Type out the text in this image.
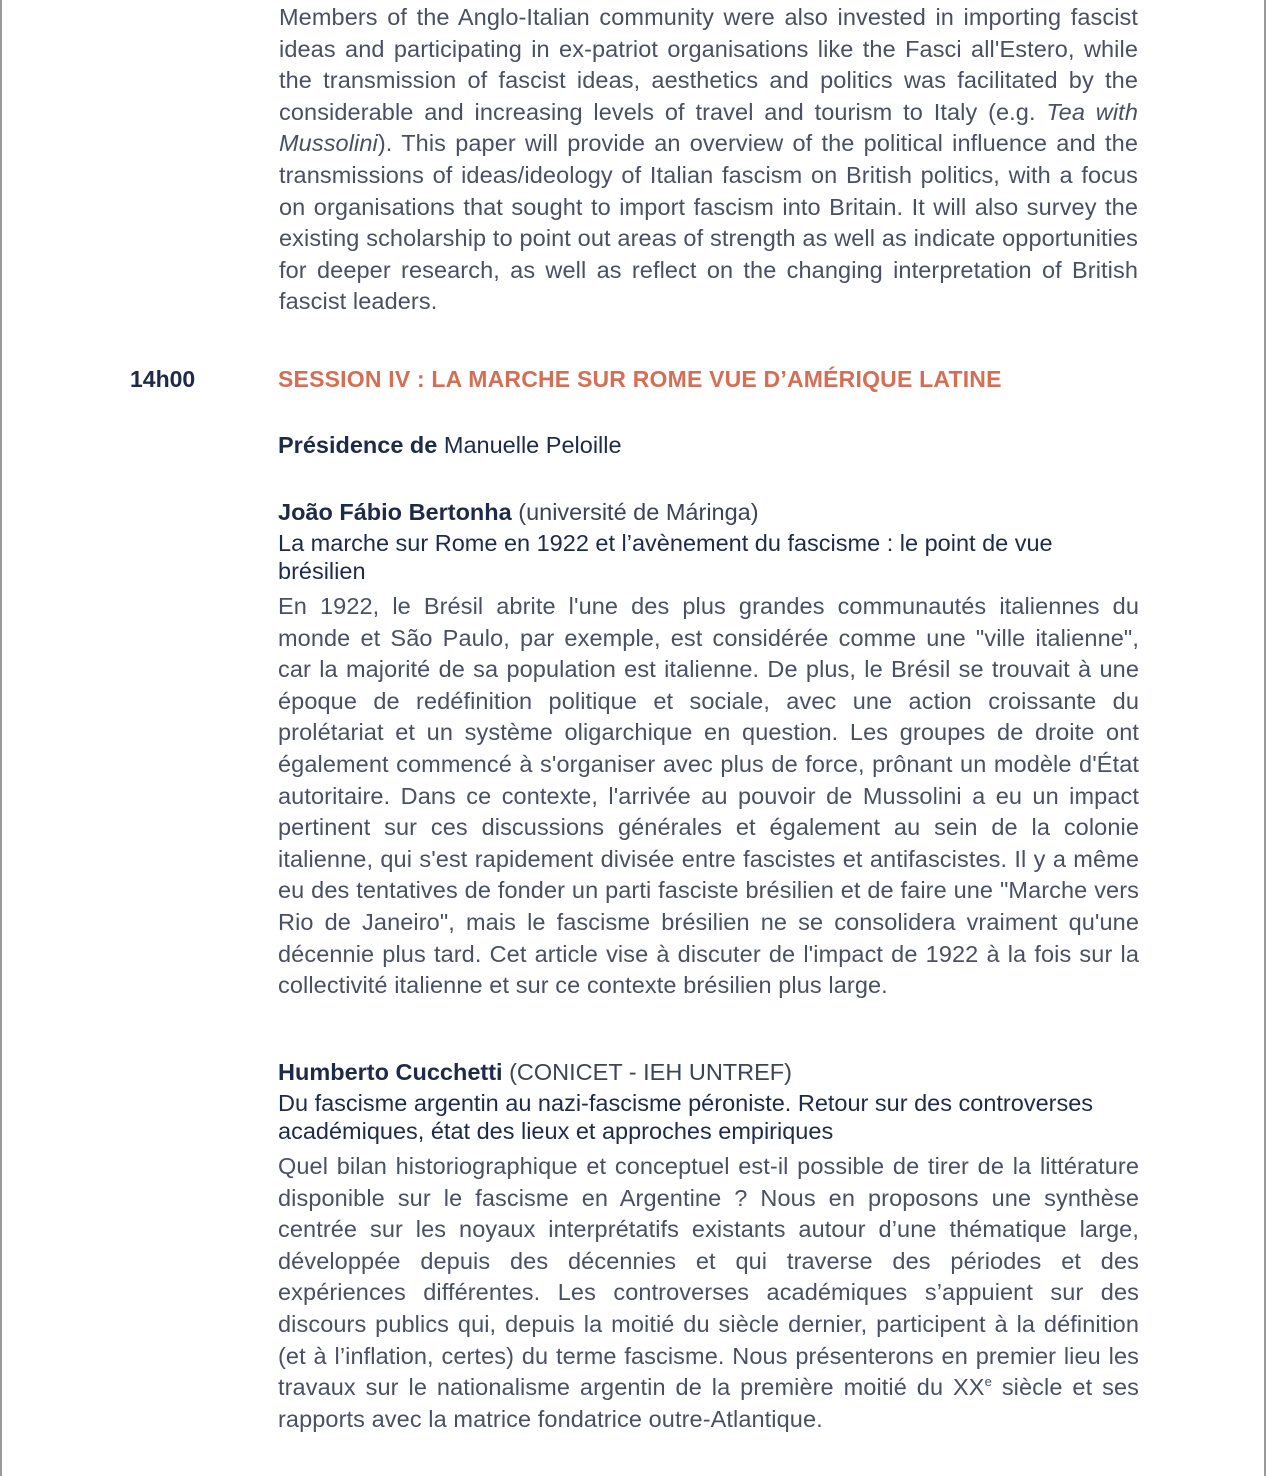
Members of the Anglo-Italian community were also invested in importing fascist ideas and participating in ex-patriot organisations like the Fasci all'Estero, while the transmission of fascist ideas, aesthetics and politics was facilitated by the considerable and increasing levels of travel and tourism to Italy (e.g. Tea with Mussolini). This paper will provide an overview of the political influence and the transmissions of ideas/ideology of Italian fascism on British politics, with a focus on organisations that sought to import fascism into Britain. It will also survey the existing scholarship to point out areas of strength as well as indicate opportunities for deeper research, as well as reflect on the changing interpretation of British fascist leaders.

14h00	SESSION IV : LA MARCHE SUR ROME VUE D’AMÉRIQUE LATINE
Présidence de Manuelle Peloille

João Fábio Bertonha (université de Máringa)

La marche sur Rome en 1922 et l’avènement du fascisme : le point de vue brésilien

En 1922, le Brésil abrite l'une des plus grandes communautés italiennes du monde et São Paulo, par exemple, est considérée comme une "ville italienne", car la majorité de sa population est italienne. De plus, le Brésil se trouvait à une époque de redéfinition politique et sociale, avec une action croissante du prolétariat et un système oligarchique en question. Les groupes de droite ont également commencé à s'organiser avec plus de force, prônant un modèle d'État autoritaire. Dans ce contexte, l'arrivée au pouvoir de Mussolini a eu un impact pertinent sur ces discussions générales et également au sein de la colonie italienne, qui s'est rapidement divisée entre fascistes et antifascistes. Il y a même eu des tentatives de fonder un parti fasciste brésilien et de faire une "Marche vers Rio de Janeiro", mais le fascisme brésilien ne se consolidera vraiment qu'une décennie plus tard. Cet article vise à discuter de l'impact de 1922 à la fois sur la collectivité italienne et sur ce contexte brésilien plus large.

Humberto Cucchetti (CONICET - IEH UNTREF)

Du fascisme argentin au nazi-fascisme péroniste. Retour sur des controverses académiques, état des lieux et approches empiriques

Quel bilan historiographique et conceptuel est-il possible de tirer de la littérature disponible sur le fascisme en Argentine ? Nous en proposons une synthèse centrée sur les noyaux interprétatifs existants autour d’une thématique large, développée depuis des décennies et qui traverse des périodes et des expériences différentes. Les controverses académiques s’appuient sur des discours publics qui, depuis la moitié du siècle dernier, participent à la définition (et à l’inflation, certes) du terme fascisme. Nous présenterons en premier lieu les travaux sur le nationalisme argentin de la première moitié du XXe siècle et ses rapports avec la matrice fondatrice outre-Atlantique.
